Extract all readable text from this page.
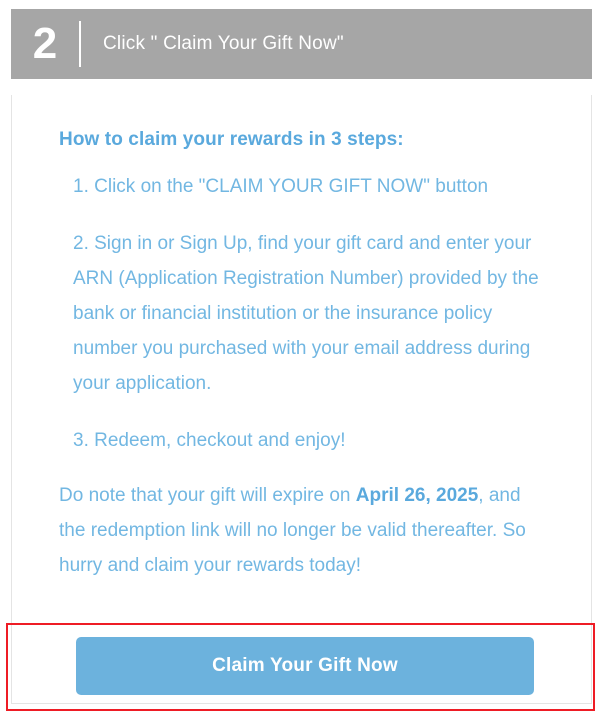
2	Click " Claim Your Gift Now"

How to claim your rewards in 3 steps:

1. Click on the "CLAIM YOUR GIFT NOW" button
2. Sign in or Sign Up, find your gift card and enter your ARN (Application Registration Number) provided by the bank or financial institution or the insurance policy number you purchased with your email address during your application.
3. Redeem, checkout and enjoy!

Do note that your gift will expire on April 26, 2025, and the redemption link will no longer be valid thereafter. So hurry and claim your rewards today!

Claim Your Gift Now
